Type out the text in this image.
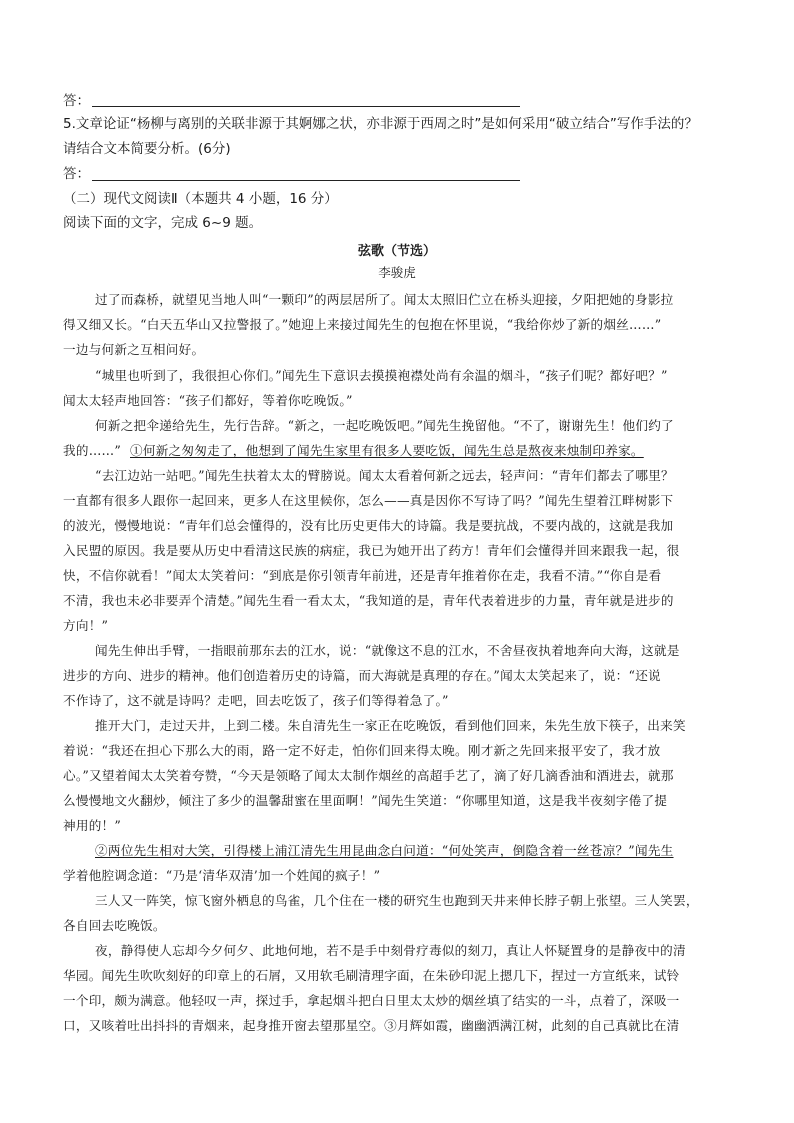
答：
5.文章论证“杨柳与离别的关联非源于其婀娜之状，亦非源于西周之时”是如何采用“破立结合”写作手法的？
请结合文本简要分析。(6分)
答：
（二）现代文阅读Ⅱ（本题共 4 小题，16 分）
阅读下面的文字，完成 6~9 题。
弦歌（节选）
李骏虎
过了而森桥，就望见当地人叫“一颗印”的两层居所了。闻太太照旧伫立在桥头迎接，夕阳把她的身影拉
得又细又长。“白天五华山又拉警报了。”她迎上来接过闻先生的包抱在怀里说，“我给你炒了新的烟丝……”
一边与何新之互相问好。
“城里也听到了，我很担心你们。”闻先生下意识去摸摸袍襟处尚有余温的烟斗，“孩子们呢？都好吧？”
闻太太轻声地回答：“孩子们都好，等着你吃晚饭。”
何新之把伞递给先生，先行告辞。“新之，一起吃晚饭吧。”闻先生挽留他。“不了，谢谢先生！他们约了
我的……” ①何新之匆匆走了，他想到了闻先生家里有很多人要吃饭，闻先生总是熬夜来烛制印养家。
“去江边站一站吧。”闻先生扶着太太的臂膀说。闻太太看着何新之远去，轻声问：“青年们都去了哪里？
一直都有很多人跟你一起回来，更多人在这里候你，怎么——真是因你不写诗了吗？”闻先生望着江畔树影下
的波光，慢慢地说：“青年们总会懂得的，没有比历史更伟大的诗篇。我是要抗战，不要内战的，这就是我加
入民盟的原因。我是要从历史中看清这民族的病症，我已为她开出了药方！青年们会懂得并回来跟我一起，很
快，不信你就看！”闻太太笑着问：“到底是你引领青年前进，还是青年推着你在走，我看不清。”“你自是看
不清，我也未必非要弄个清楚。”闻先生看一看太太，“我知道的是，青年代表着进步的力量，青年就是进步的
方向！”
闻先生伸出手臂，一指眼前那东去的江水，说：“就像这不息的江水，不舍昼夜执着地奔向大海，这就是
进步的方向、进步的精神。他们创造着历史的诗篇，而大海就是真理的存在。”闻太太笑起来了，说：“还说
不作诗了，这不就是诗吗？走吧，回去吃饭了，孩子们等得着急了。”
推开大门，走过天井，上到二楼。朱自清先生一家正在吃晚饭，看到他们回来，朱先生放下筷子，出来笑
着说：“我还在担心下那么大的雨，路一定不好走，怕你们回来得太晚。刚才新之先回来报平安了，我才放
心。”又望着闻太太笑着夸赞，“今天是领略了闻太太制作烟丝的高超手艺了，滴了好几滴香油和酒进去，就那
么慢慢地文火翻炒，倾注了多少的温馨甜蜜在里面啊！”闻先生笑道：“你哪里知道，这是我半夜刻字倦了提
神用的！”
②两位先生相对大笑，引得楼上浦江清先生用昆曲念白问道：“何处笑声，倒隐含着一丝苍凉？”闻先生
学着他腔调念道：“乃是‘清华双清’加一个姓闻的疯子！”
三人又一阵笑，惊飞窗外栖息的鸟雀，几个住在一楼的研究生也跑到天井来伸长脖子朝上张望。三人笑罢，
各自回去吃晚饭。
夜，静得使人忘却今夕何夕、此地何地，若不是手中刻骨疗毒似的刻刀，真让人怀疑置身的是静夜中的清
华园。闻先生吹吹刻好的印章上的石屑，又用软毛刷清理字面，在朱砂印泥上摁几下，捏过一方宣纸来，试铃
一个印，颇为满意。他轻叹一声，探过手，拿起烟斗把白日里太太炒的烟丝填了结实的一斗，点着了，深吸一
口，又咳着吐出抖抖的青烟来，起身推开窗去望那星空。③月辉如霞，幽幽洒满江树，此刻的自己真就比在清
